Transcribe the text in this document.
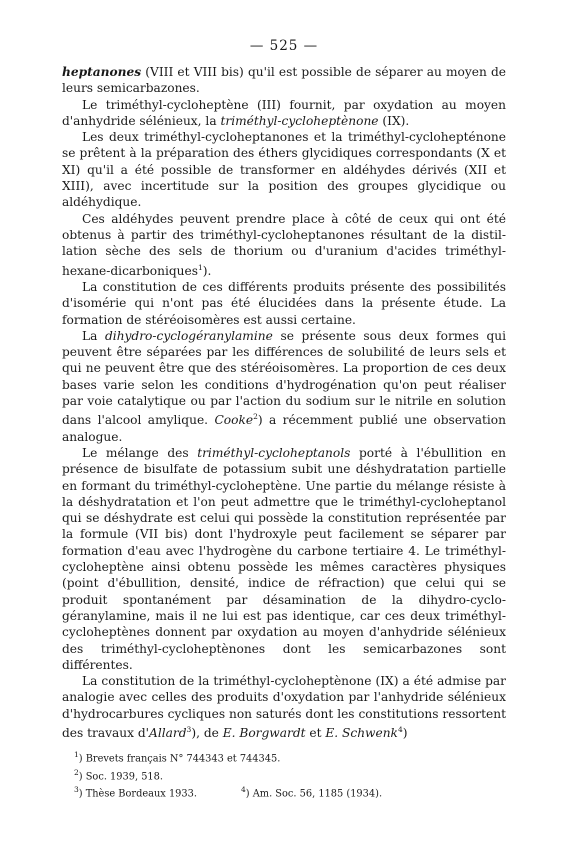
— 525 —

heptanones (VIII et VIII bis) qu'il est possible de séparer au moyen de leurs semicarbazones.

Le triméthyl-cycloheptène (III) fournit, par oxydation au moyen d'anhydride sélénieux, la triméthyl-cycloheptènone (IX).

Les deux triméthyl-cycloheptanones et la triméthyl-cyclohepténone se prêtent à la préparation des éthers glycidiques correspondants (X et XI) qu'il a été possible de transformer en aldéhydes dérivés (XII et XIII), avec incertitude sur la position des groupes glycidique ou aldéhydique.

Ces aldéhydes peuvent prendre place à côté de ceux qui ont été obtenus à partir des triméthyl-cycloheptanones résultant de la distillation sèche des sels de thorium ou d'uranium d'acides triméthylhexane-dicarboniques$^1$).

La constitution de ces différents produits présente des possibilités d'isomérie qui n'ont pas été élucidées dans la présente étude. La formation de stéréoisomères est aussi certaine.

La dihydro-cyclogéranylamine se présente sous deux formes qui peuvent être séparées par les différences de solubilité de leurs sels et qui ne peuvent être que des stéréoisomères. La proportion de ces deux bases varie selon les conditions d'hydrogénation qu'on peut réaliser par voie catalytique ou par l'action du sodium sur le nitrile en solution dans l'alcool amylique. Cooke$^2$) a récemment publié une observation analogue.

Le mélange des triméthyl-cycloheptanols porté à l'ébullition en présence de bisulfate de potassium subit une déshydratation partielle en formant du triméthyl-cycloheptène. Une partie du mélange résiste à la déshydratation et l'on peut admettre que le triméthyl-cycloheptanol qui se déshydrate est celui qui possède la constitution représentée par la formule (VII bis) dont l'hydroxyle peut facilement se séparer par formation d'eau avec l'hydrogène du carbone tertiaire 4. Le triméthyl-cycloheptène ainsi obtenu possède les mêmes caractères physiques (point d'ébullition, densité, indice de réfraction) que celui qui se produit spontanément par désamination de la dihydro-cyclogéranylamine, mais il ne lui est pas identique, car ces deux triméthylcycloheptènes donnent par oxydation au moyen d'anhydride sélénieux des triméthyl-cycloheptènones dont les semicarbazones sont différentes.

La constitution de la triméthyl-cycloheptènone (IX) a été admise par analogie avec celles des produits d'oxydation par l'anhydride sélénieux d'hydrocarbures cycliques non saturés dont les constitutions ressortent des travaux d'Allard$^3$), de E. Borgwardt et E. Schwenk$^4$)

$^1$) Brevets français N° 744343 et 744345.
$^2$) Soc. 1939, 518.
$^3$) Thèse Bordeaux 1933.	$^4$) Am. Soc. 56, 1185 (1934).
